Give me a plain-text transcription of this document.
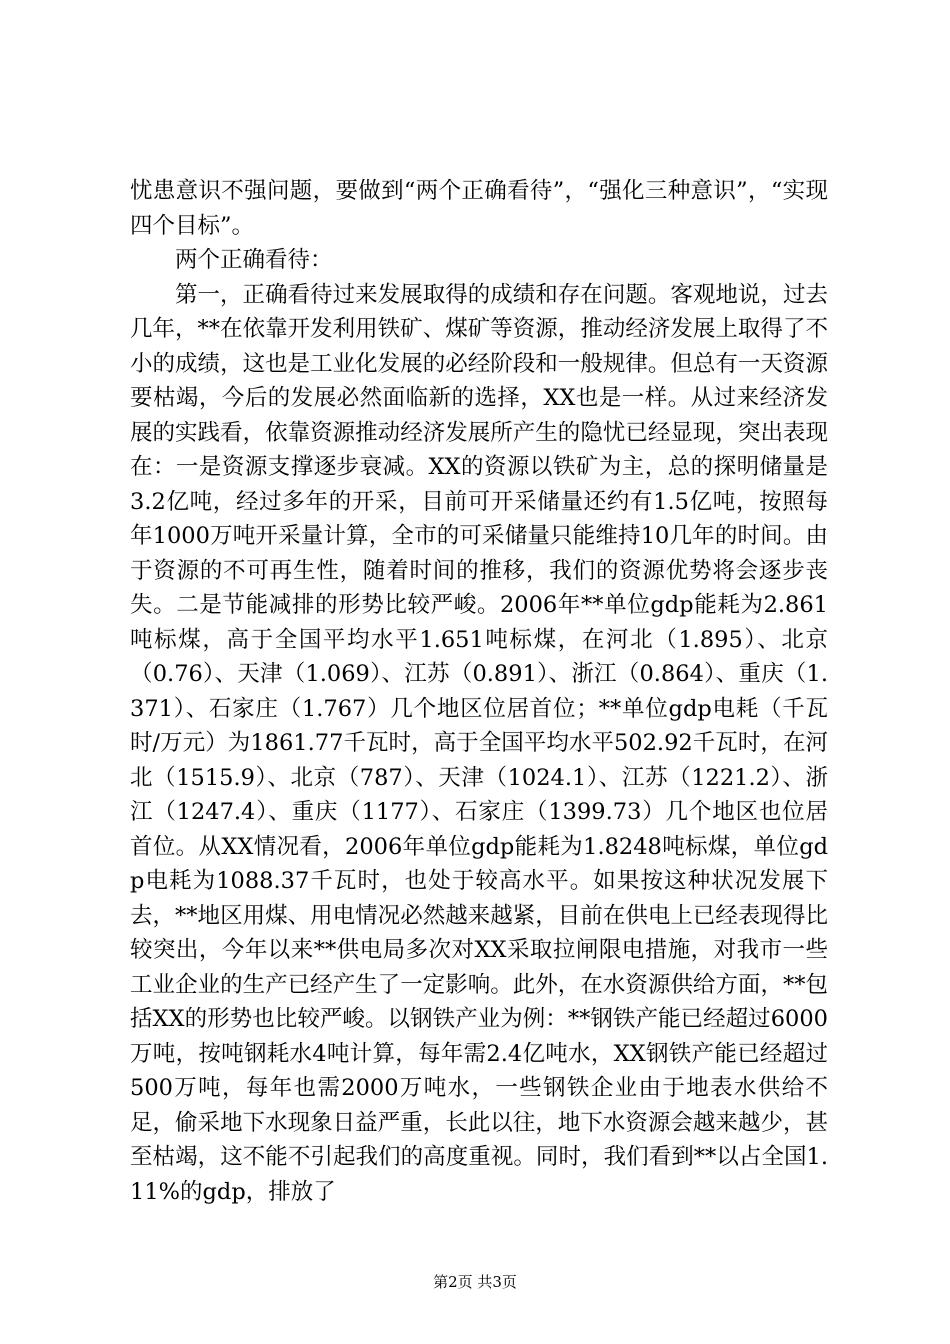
忧患意识不强问题，要做到“两个正确看待”，“强化三种意识”，“实现四个目标”。

两个正确看待：

第一，正确看待过来发展取得的成绩和存在问题。客观地说，过去几年，**在依靠开发利用铁矿、煤矿等资源，推动经济发展上取得了不小的成绩，这也是工业化发展的必经阶段和一般规律。但总有一天资源要枯竭，今后的发展必然面临新的选择，XX也是一样。从过来经济发展的实践看，依靠资源推动经济发展所产生的隐忧已经显现，突出表现在：一是资源支撑逐步衰减。XX的资源以铁矿为主，总的探明储量是3.2亿吨，经过多年的开采，目前可开采储量还约有1.5亿吨，按照每年1000万吨开采量计算，全市的可采储量只能维持10几年的时间。由于资源的不可再生性，随着时间的推移，我们的资源优势将会逐步丧失。二是节能减排的形势比较严峻。2006年**单位gdp能耗为2.861吨标煤，高于全国平均水平1.651吨标煤，在河北（1.895）、北京（0.76）、天津（1.069）、江苏（0.891）、浙江（0.864）、重庆（1.371）、石家庄（1.767）几个地区位居首位；**单位gdp电耗（千瓦时/万元）为1861.77千瓦时，高于全国平均水平502.92千瓦时，在河北（1515.9）、北京（787）、天津（1024.1）、江苏（1221.2）、浙江（1247.4）、重庆（1177）、石家庄（1399.73）几个地区也位居首位。从XX情况看，2006年单位gdp能耗为1.8248吨标煤，单位gdp电耗为1088.37千瓦时，也处于较高水平。如果按这种状况发展下去，**地区用煤、用电情况必然越来越紧，目前在供电上已经表现得比较突出，今年以来**供电局多次对XX采取拉闸限电措施，对我市一些工业企业的生产已经产生了一定影响。此外，在水资源供给方面，**包括XX的形势也比较严峻。以钢铁产业为例：**钢铁产能已经超过6000万吨，按吨钢耗水4吨计算，每年需2.4亿吨水，XX钢铁产能已经超过500万吨，每年也需2000万吨水，一些钢铁企业由于地表水供给不足，偷采地下水现象日益严重，长此以往，地下水资源会越来越少，甚至枯竭，这不能不引起我们的高度重视。同时，我们看到**以占全国1.11%的gdp，排放了

第2页 共3页
